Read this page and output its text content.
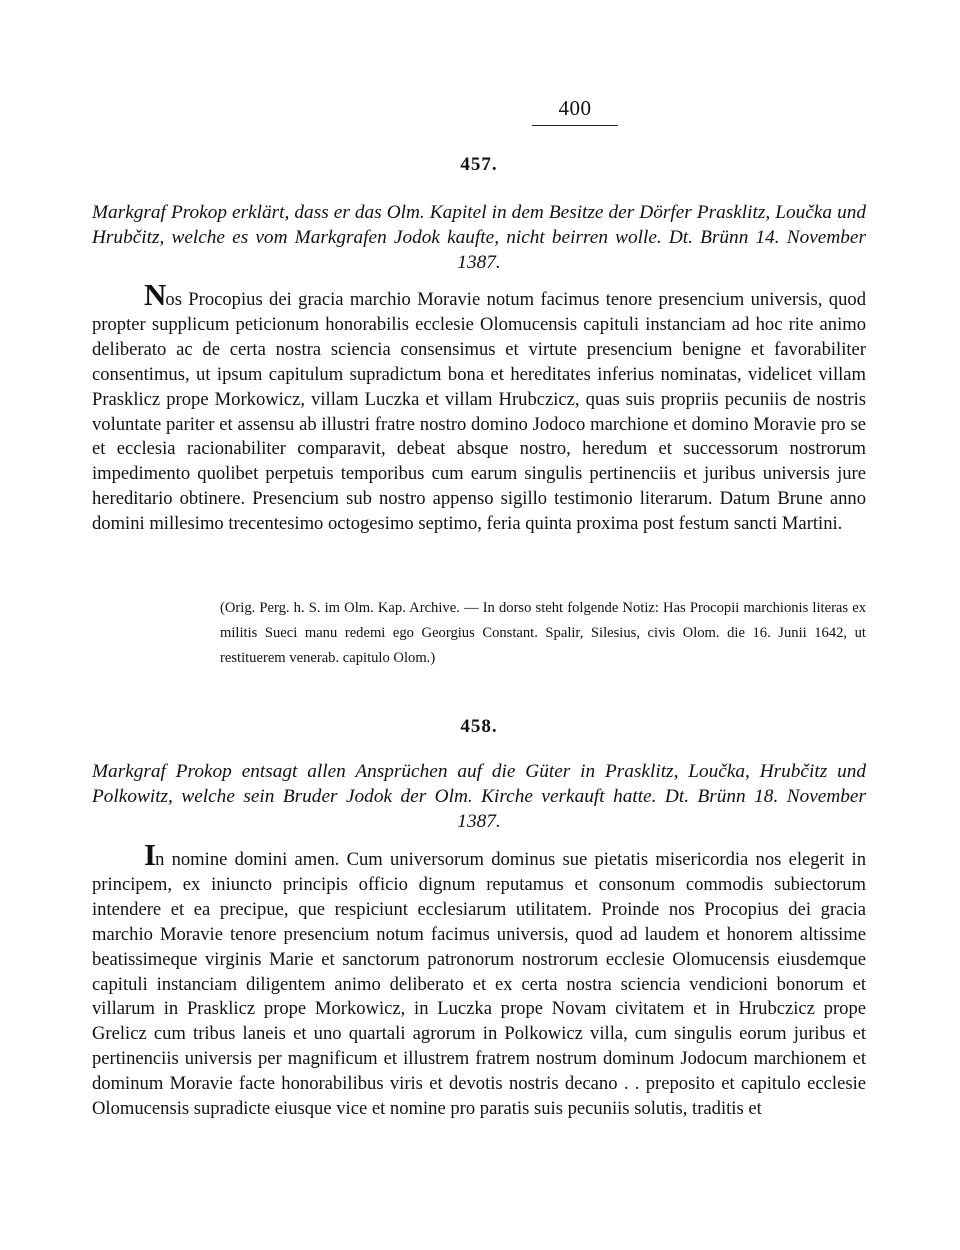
400

457.

Markgraf Prokop erklärt, dass er das Olm. Kapitel in dem Besitze der Dörfer Prasklitz, Loučka und Hrubčitz, welche es vom Markgrafen Jodok kaufte, nicht beirren wolle. Dt. Brünn 14. November 1387.

Nos Procopius dei gracia marchio Moravie notum facimus tenore presencium universis, quod propter supplicum peticionum honorabilis ecclesie Olomucensis capituli instanciam ad hoc rite animo deliberato ac de certa nostra sciencia consensimus et virtute presencium benigne et favorabiliter consentimus, ut ipsum capitulum supradictum bona et hereditates inferius nominatas, videlicet villam Prasklicz prope Morkowicz, villam Luczka et villam Hrubczicz, quas suis propriis pecuniis de nostris voluntate pariter et assensu ab illustri fratre nostro domino Jodoco marchione et domino Moravie pro se et ecclesia racionabiliter comparavit, debeat absque nostro, heredum et successorum nostrorum impedimento quolibet perpetuis temporibus cum earum singulis pertinenciis et juribus universis jure hereditario obtinere. Presencium sub nostro appenso sigillo testimonio literarum. Datum Brune anno domini millesimo trecentesimo octogesimo septimo, feria quinta proxima post festum sancti Martini.

(Orig. Perg. h. S. im Olm. Kap. Archive. — In dorso steht folgende Notiz: Has Procopii marchionis literas ex militis Sueci manu redemi ego Georgius Constant. Spalir, Silesius, civis Olom. die 16. Junii 1642, ut restituerem venerab. capitulo Olom.)

458.

Markgraf Prokop entsagt allen Ansprüchen auf die Güter in Prasklitz, Loučka, Hrubčitz und Polkowitz, welche sein Bruder Jodok der Olm. Kirche verkauft hatte. Dt. Brünn 18. November 1387.

In nomine domini amen. Cum universorum dominus sue pietatis misericordia nos elegerit in principem, ex iniuncto principis officio dignum reputamus et consonum commodis subiectorum intendere et ea precipue, que respiciunt ecclesiarum utilitatem. Proinde nos Procopius dei gracia marchio Moravie tenore presencium notum facimus universis, quod ad laudem et honorem altissime beatissimeque virginis Marie et sanctorum patronorum nostrorum ecclesie Olomucensis eiusdemque capituli instanciam diligentem animo deliberato et ex certa nostra sciencia vendicioni bonorum et villarum in Prasklicz prope Morkowicz, in Luczka prope Novam civitatem et in Hrubczicz prope Grelicz cum tribus laneis et uno quartali agrorum in Polkowicz villa, cum singulis eorum juribus et pertinenciis universis per magnificum et illustrem fratrem nostrum dominum Jodocum marchionem et dominum Moravie facte honorabilibus viris et devotis nostris decano . . preposito et capitulo ecclesie Olomucensis supradicte eiusque vice et nomine pro paratis suis pecuniis solutis, traditis et
